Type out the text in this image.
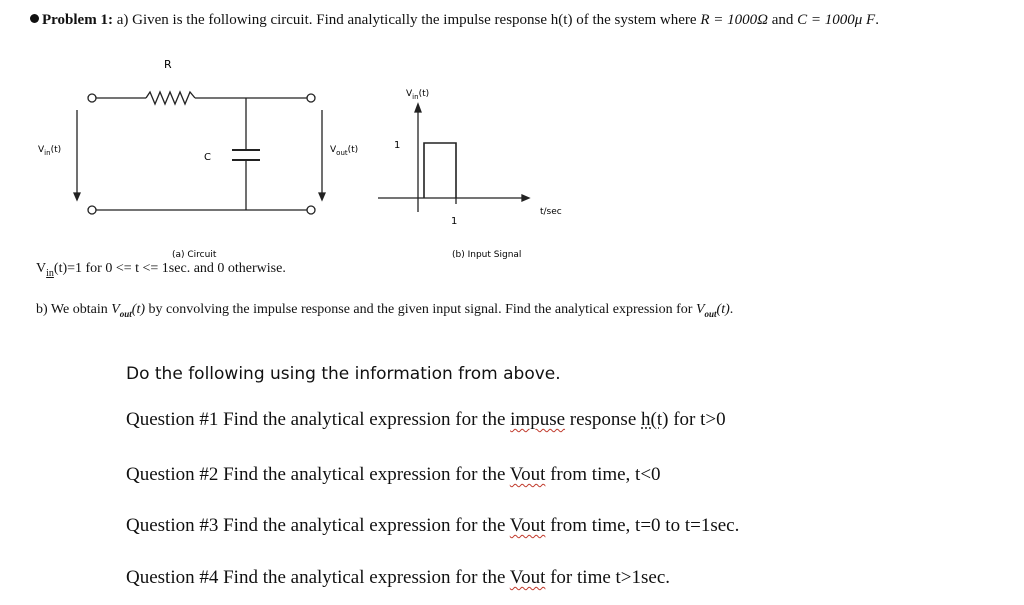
Problem 1: a) Given is the following circuit. Find analytically the impulse response h(t) of the system where R = 1000Ω and C = 1000μ F.
R
C
$V_{in}(t)$	$V_{out}(t)$
(a) Circuit
$V_{in}(t)$
1
1
t/sec
(b) Input Signal
$V_{in}(t)=1$ for 0 <= t <= 1sec. and 0 otherwise.
b) We obtain $V_{out}(t)$ by convolving the impulse response and the given input signal. Find the analytical expression for $V_{out}(t)$.
Do the following using the information from above.
Question #1 Find the analytical expression for the impuse response h(t) for t>0
Question #2 Find the analytical expression for the Vout from time, t<0
Question #3 Find the analytical expression for the Vout from time, t=0 to t=1sec.
Question #4 Find the analytical expression for the Vout for time t>1sec.
